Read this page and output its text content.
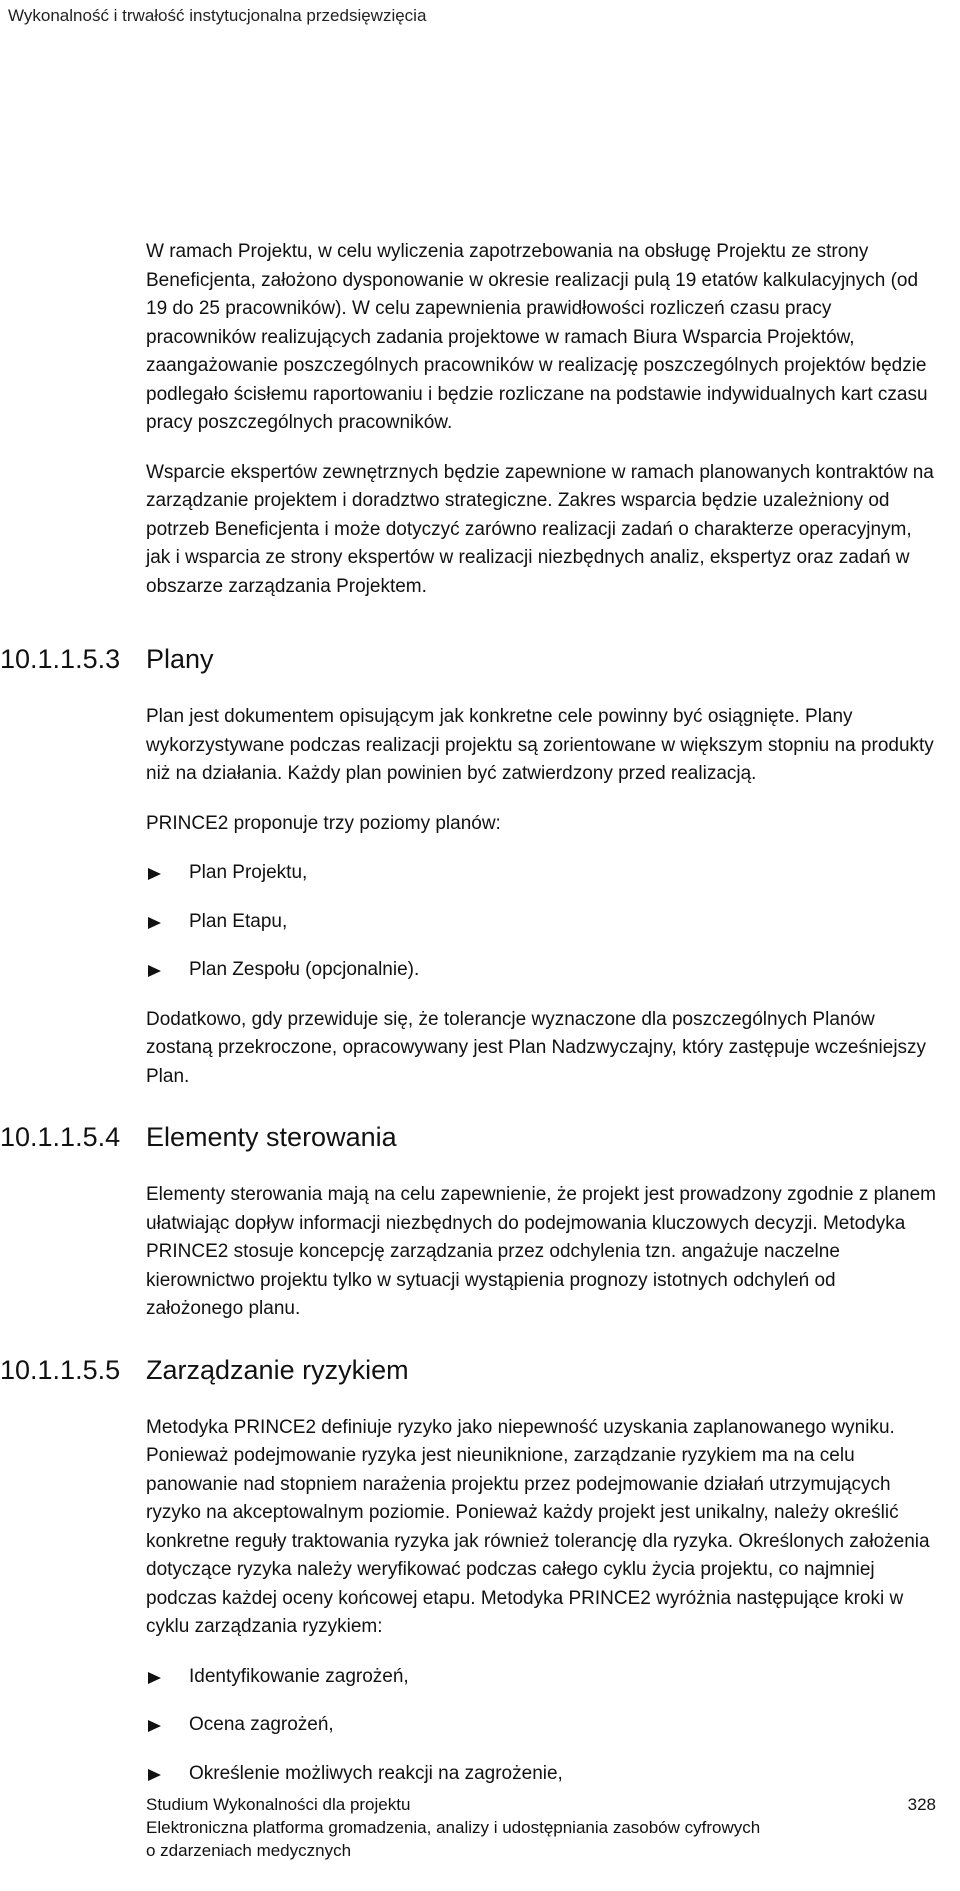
Wykonalność i trwałość instytucjonalna przedsięwzięcia

W ramach Projektu, w celu wyliczenia zapotrzebowania na obsługę Projektu ze strony Beneficjenta, założono dysponowanie w okresie realizacji pulą 19 etatów kalkulacyjnych (od 19 do 25 pracowników). W celu zapewnienia prawidłowości rozliczeń czasu pracy pracowników realizujących zadania projektowe w ramach Biura Wsparcia Projektów, zaangażowanie poszczególnych pracowników w realizację poszczególnych projektów będzie podlegało ścisłemu raportowaniu i będzie rozliczane na podstawie indywidualnych kart czasu pracy poszczególnych pracowników.

Wsparcie ekspertów zewnętrznych będzie zapewnione w ramach planowanych kontraktów na zarządzanie projektem i doradztwo strategiczne. Zakres wsparcia będzie uzależniony od potrzeb Beneficjenta i może dotyczyć zarówno realizacji zadań o charakterze operacyjnym, jak i wsparcia ze strony ekspertów w realizacji niezbędnych analiz, ekspertyz oraz zadań w obszarze zarządzania Projektem.

10.1.1.5.3 Plany

Plan jest dokumentem opisującym jak konkretne cele powinny być osiągnięte. Plany wykorzystywane podczas realizacji projektu są zorientowane w większym stopniu na produkty niż na działania. Każdy plan powinien być zatwierdzony przed realizacją.

PRINCE2 proponuje trzy poziomy planów:

Plan Projektu,
Plan Etapu,
Plan Zespołu (opcjonalnie).

Dodatkowo, gdy przewiduje się, że tolerancje wyznaczone dla poszczególnych Planów zostaną przekroczone, opracowywany jest Plan Nadzwyczajny, który zastępuje wcześniejszy Plan.

10.1.1.5.4 Elementy sterowania

Elementy sterowania mają na celu zapewnienie, że projekt jest prowadzony zgodnie z planem ułatwiając dopływ informacji niezbędnych do podejmowania kluczowych decyzji. Metodyka PRINCE2 stosuje koncepcję zarządzania przez odchylenia tzn. angażuje naczelne kierownictwo projektu tylko w sytuacji wystąpienia prognozy istotnych odchyleń od założonego planu.

10.1.1.5.5 Zarządzanie ryzykiem

Metodyka PRINCE2 definiuje ryzyko jako niepewność uzyskania zaplanowanego wyniku. Ponieważ podejmowanie ryzyka jest nieuniknione, zarządzanie ryzykiem ma na celu panowanie nad stopniem narażenia projektu przez podejmowanie działań utrzymujących ryzyko na akceptowalnym poziomie. Ponieważ każdy projekt jest unikalny, należy określić konkretne reguły traktowania ryzyka jak również tolerancję dla ryzyka. Określonych założenia dotyczące ryzyka należy weryfikować podczas całego cyklu życia projektu, co najmniej podczas każdej oceny końcowej etapu. Metodyka PRINCE2 wyróżnia następujące kroki w cyklu zarządzania ryzykiem:

Identyfikowanie zagrożeń,
Ocena zagrożeń,
Określenie możliwych reakcji na zagrożenie,
Studium Wykonalności dla projektu
Elektroniczna platforma gromadzenia, analizy i udostępniania zasobów cyfrowych
o zdarzeniach medycznych
328
